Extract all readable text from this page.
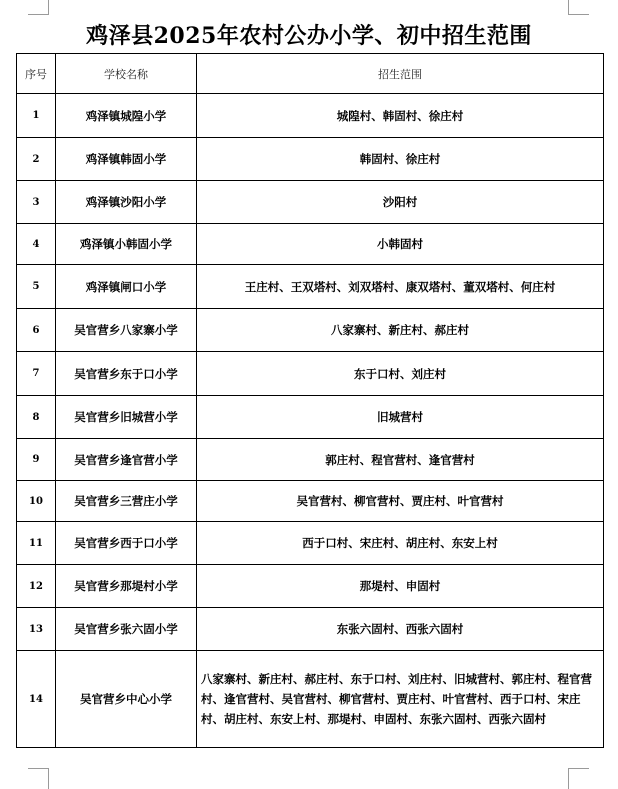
鸡泽县2025年农村公办小学、初中招生范围
序号	学校名称	招生范围
1	鸡泽镇城隍小学	城隍村、韩固村、徐庄村
2	鸡泽镇韩固小学	韩固村、徐庄村
3	鸡泽镇沙阳小学	沙阳村
4	鸡泽镇小韩固小学	小韩固村
5	鸡泽镇闸口小学	王庄村、王双塔村、刘双塔村、康双塔村、董双塔村、何庄村
6	吴官营乡八家寨小学	八家寨村、新庄村、郝庄村
7	吴官营乡东于口小学	东于口村、刘庄村
8	吴官营乡旧城营小学	旧城营村
9	吴官营乡逢官营小学	郭庄村、程官营村、逢官营村
10	吴官营乡三营庄小学	吴官营村、柳官营村、贾庄村、叶官营村
11	吴官营乡西于口小学	西于口村、宋庄村、胡庄村、东安上村
12	吴官营乡那堤村小学	那堤村、申固村
13	吴官营乡张六固小学	东张六固村、西张六固村
14	吴官营乡中心小学	八家寨村、新庄村、郝庄村、东于口村、刘庄村、旧城营村、郭庄村、程官营村、逢官营村、吴官营村、柳官营村、贾庄村、叶官营村、西于口村、宋庄村、胡庄村、东安上村、那堤村、申固村、东张六固村、西张六固村
